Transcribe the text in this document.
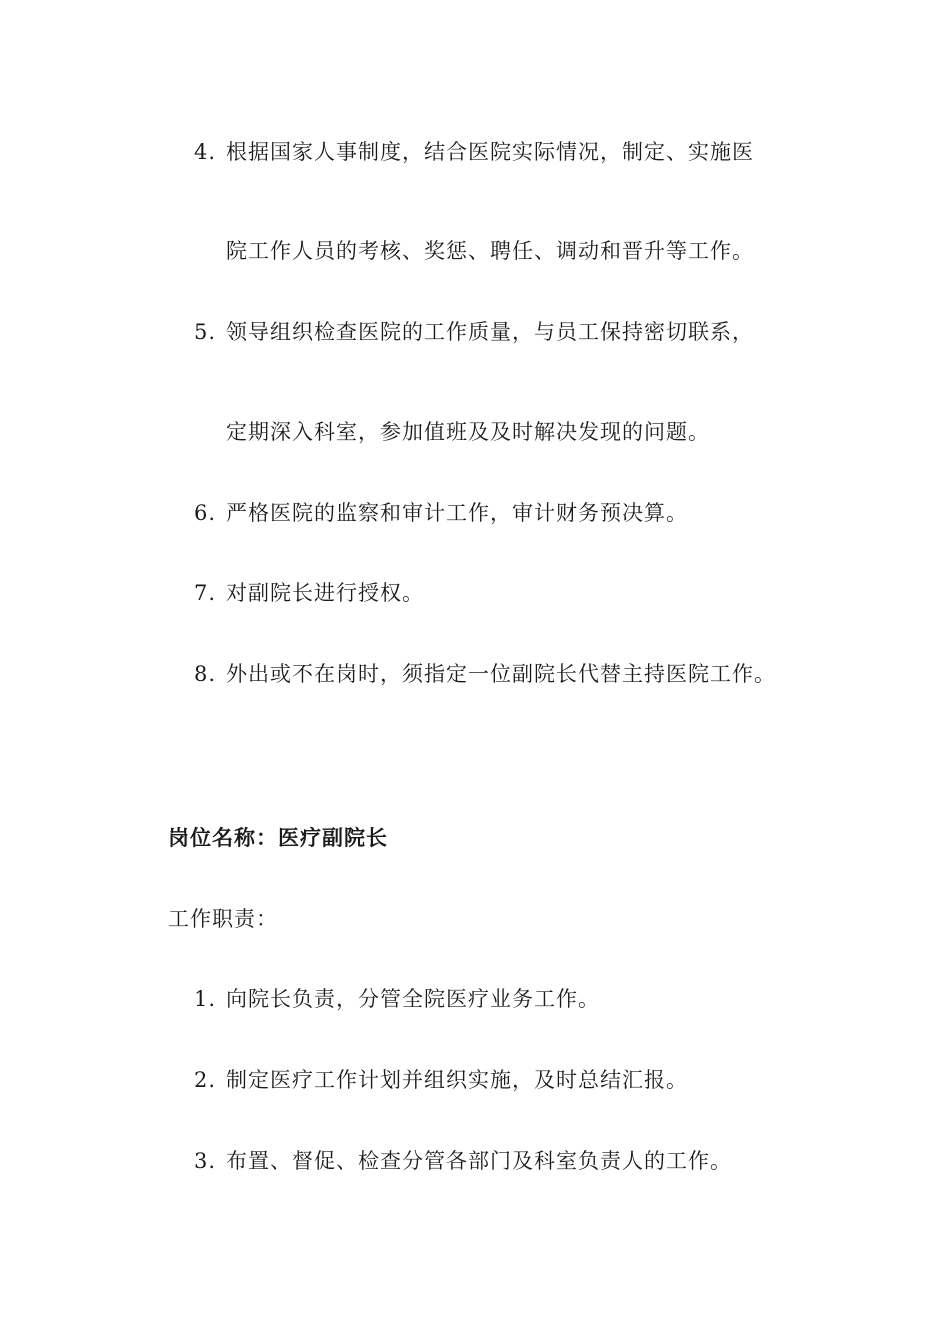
4. 根据国家人事制度，结合医院实际情况，制定、实施医
院工作人员的考核、奖惩、聘任、调动和晋升等工作。
5. 领导组织检查医院的工作质量，与员工保持密切联系，
定期深入科室，参加值班及及时解决发现的问题。
6. 严格医院的监察和审计工作，审计财务预决算。
7. 对副院长进行授权。
8. 外出或不在岗时，须指定一位副院长代替主持医院工作。
岗位名称：医疗副院长
工作职责：
1. 向院长负责，分管全院医疗业务工作。
2. 制定医疗工作计划并组织实施，及时总结汇报。
3. 布置、督促、检查分管各部门及科室负责人的工作。
